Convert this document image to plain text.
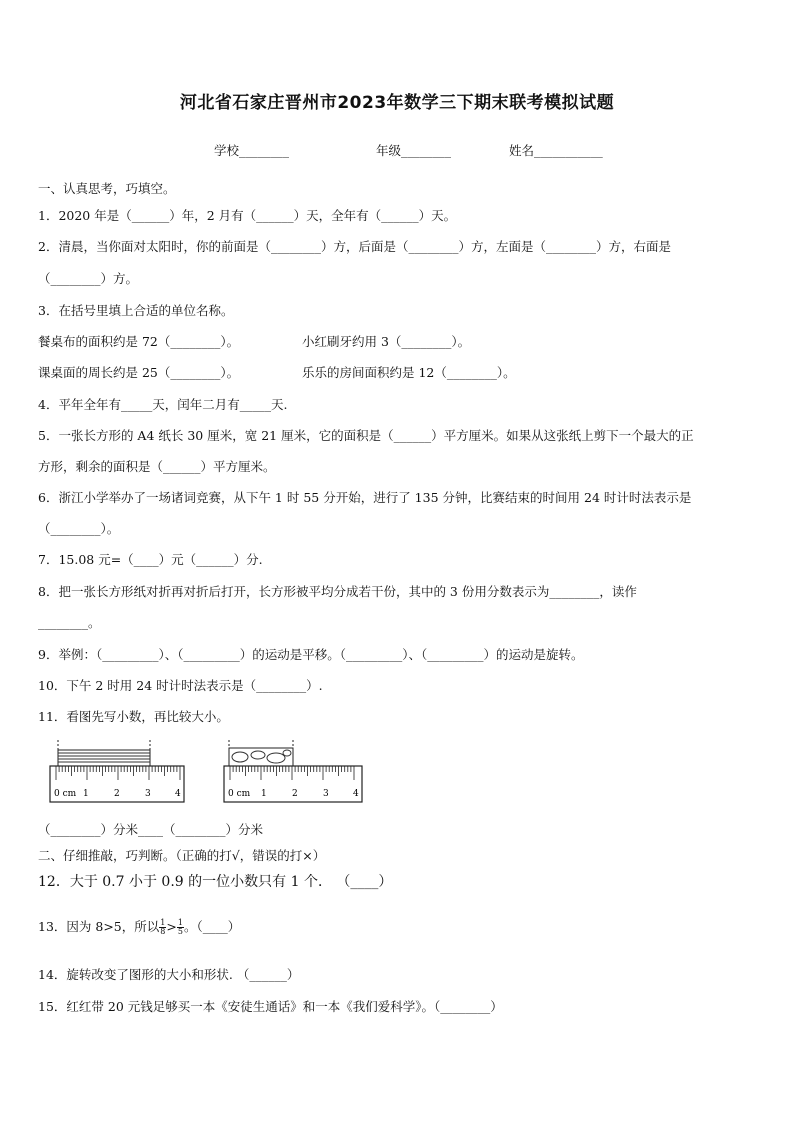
河北省石家庄晋州市2023年数学三下期末联考模拟试题
学校________	年级________	姓名___________
一、认真思考，巧填空。
1．2020 年是（______）年，2 月有（______）天，全年有（______）天。
2．清晨，当你面对太阳时，你的前面是（________）方，后面是（________）方，左面是（________）方，右面是
（________）方。
3．在括号里填上合适的单位名称。
餐桌布的面积约是 72（________）。	小红刷牙约用 3（________）。
课桌面的周长约是 25（________）。	乐乐的房间面积约是 12（________）。
4．平年全年有_____天，闰年二月有_____天.
5．一张长方形的 A4 纸长 30 厘米，宽 21 厘米，它的面积是（______）平方厘米。如果从这张纸上剪下一个最大的正
方形，剩余的面积是（______）平方厘米。
6．浙江小学举办了一场诸词竞赛，从下午 1 时 55 分开始，进行了 135 分钟，比赛结束的时间用 24 时计时法表示是
（________）。
7．15.08 元=（____）元（______）分.
8．把一张长方形纸对折再对折后打开，长方形被平均分成若干份，其中的 3 份用分数表示为________，读作
________。
9．举例：（_________）、（_________）的运动是平移。（_________）、（_________）的运动是旋转。
10．下午 2 时用 24 时计时法表示是（________）.
11．看图先写小数，再比较大小。
0 cm 1	2	3	4	0 cm 1	2	3	4
（________）分米____（________）分米
二、仔细推敲，巧判断。（正确的打√，错误的打×）
12．大于 0.7 小于 0.9 的一位小数只有 1 个． （____）
13．因为 8>5，所以 $\frac{1}{8} > \frac{1}{5}$ 。（____）
14．旋转改变了图形的大小和形状. （______）
15．红红带 20 元钱足够买一本《安徒生通话》和一本《我们爱科学》。（________）
